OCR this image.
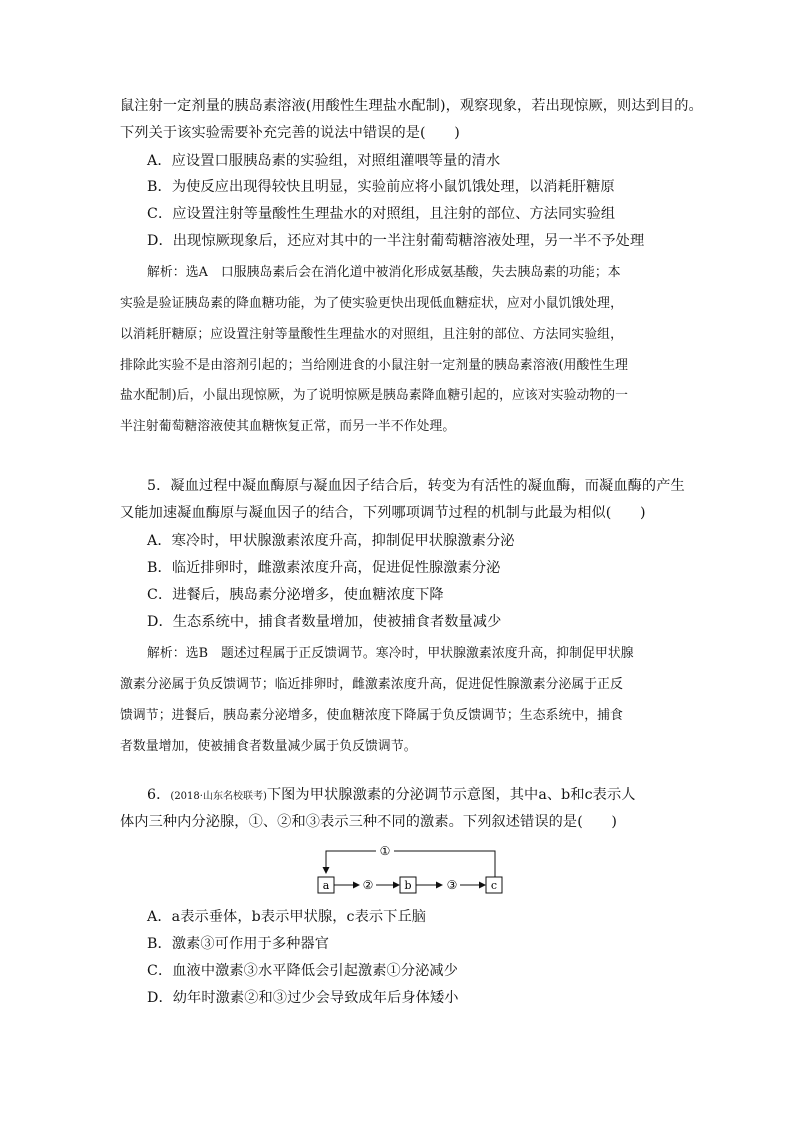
鼠注射一定剂量的胰岛素溶液(用酸性生理盐水配制)，观察现象，若出现惊厥，则达到目的。
下列关于该实验需要补充完善的说法中错误的是(　　)
A．应设置口服胰岛素的实验组，对照组灌喂等量的清水
B．为使反应出现得较快且明显，实验前应将小鼠饥饿处理，以消耗肝糖原
C．应设置注射等量酸性生理盐水的对照组，且注射的部位、方法同实验组
D．出现惊厥现象后，还应对其中的一半注射葡萄糖溶液处理，另一半不予处理
解析：选A　口服胰岛素后会在消化道中被消化形成氨基酸，失去胰岛素的功能；本
实验是验证胰岛素的降血糖功能，为了使实验更快出现低血糖症状，应对小鼠饥饿处理，
以消耗肝糖原；应设置注射等量酸性生理盐水的对照组，且注射的部位、方法同实验组，
排除此实验不是由溶剂引起的；当给刚进食的小鼠注射一定剂量的胰岛素溶液(用酸性生理
盐水配制)后，小鼠出现惊厥，为了说明惊厥是胰岛素降血糖引起的，应该对实验动物的一
半注射葡萄糖溶液使其血糖恢复正常，而另一半不作处理。
5．凝血过程中凝血酶原与凝血因子结合后，转变为有活性的凝血酶，而凝血酶的产生
又能加速凝血酶原与凝血因子的结合，下列哪项调节过程的机制与此最为相似(　　)
A．寒冷时，甲状腺激素浓度升高，抑制促甲状腺激素分泌
B．临近排卵时，雌激素浓度升高，促进促性腺激素分泌
C．进餐后，胰岛素分泌增多，使血糖浓度下降
D．生态系统中，捕食者数量增加，使被捕食者数量减少
解析：选B　题述过程属于正反馈调节。寒冷时，甲状腺激素浓度升高，抑制促甲状腺
激素分泌属于负反馈调节；临近排卵时，雌激素浓度升高，促进促性腺激素分泌属于正反
馈调节；进餐后，胰岛素分泌增多，使血糖浓度下降属于负反馈调节；生态系统中，捕食
者数量增加，使被捕食者数量减少属于负反馈调节。
6．(2018·山东名校联考)下图为甲状腺激素的分泌调节示意图，其中a、b和c表示人
体内三种内分泌腺，①、②和③表示三种不同的激素。下列叙述错误的是(　　)
①
a	b	c
②	③
A．a表示垂体，b表示甲状腺，c表示下丘脑
B．激素③可作用于多种器官
C．血液中激素③水平降低会引起激素①分泌减少
D．幼年时激素②和③过少会导致成年后身体矮小
